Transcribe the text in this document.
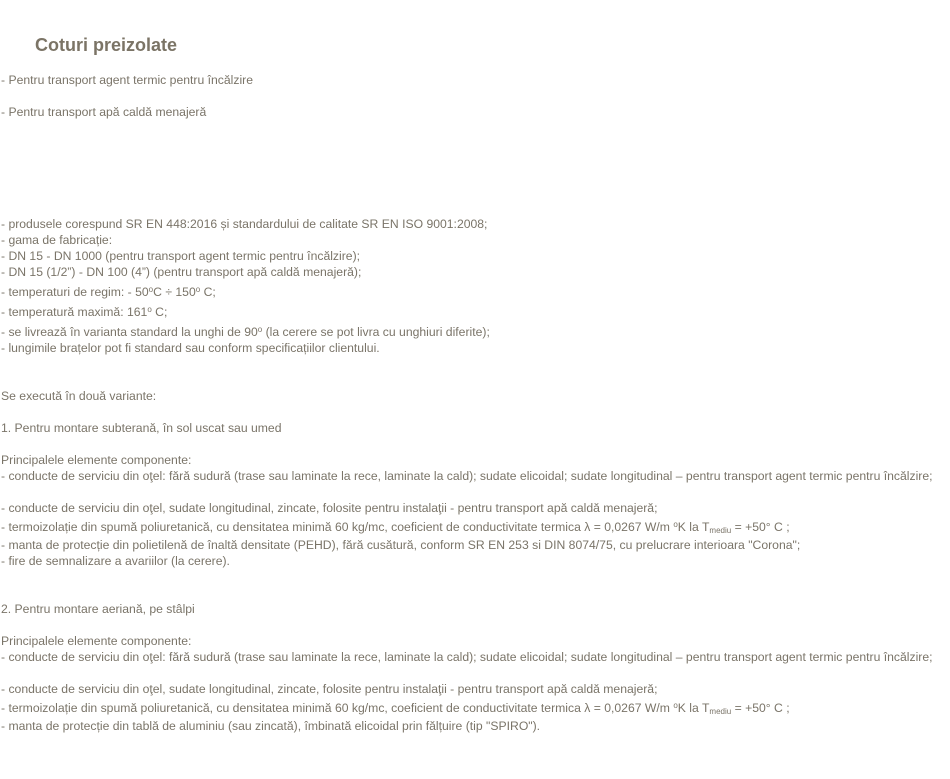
Coturi preizolate
- Pentru transport agent termic pentru încălzire
- Pentru transport apă caldă menajeră
- produsele corespund SR EN 448:2016 și standardului de calitate SR EN ISO 9001:2008;
- gama de fabricație:
- DN 15 - DN 1000 (pentru transport agent termic pentru încălzire);
- DN 15 (1/2”) - DN 100 (4”) (pentru transport apă caldă menajeră);
- temperaturi de regim: - $50^oC \div 150^o$ C;
- temperatură maximă: 161$^o$ C;
- se livrează în varianta standard la unghi de 90$^o$ (la cerere se pot livra cu unghiuri diferite);
- lungimile brațelor pot fi standard sau conform specificațiilor clientului.
Se execută în două variante:
1. Pentru montare subterană, în sol uscat sau umed
Principalele elemente componente:
- conducte de serviciu din oţel: fără sudură (trase sau laminate la rece, laminate la cald); sudate elicoidal; sudate longitudinal – pentru transport agent termic pentru încălzire;
- conducte de serviciu din oţel, sudate longitudinal, zincate, folosite pentru instalaţii - pentru transport apă caldă menajeră;
- termoizolație din spumă poliuretanică, cu densitatea minimă 60 kg/mc, coeficient de conductivitate termica λ = 0,0267 W/m $^o$K la $T_{mediu} = +50^\circ$ C ;
- manta de protecție din polietilenă de înaltă densitate (PEHD), fără cusătură, conform SR EN 253 si DIN 8074/75, cu prelucrare interioara "Corona";
- fire de semnalizare a avariilor (la cerere).
2. Pentru montare aeriană, pe stâlpi
Principalele elemente componente:
- conducte de serviciu din oţel: fără sudură (trase sau laminate la rece, laminate la cald); sudate elicoidal; sudate longitudinal – pentru transport agent termic pentru încălzire;
- conducte de serviciu din oţel, sudate longitudinal, zincate, folosite pentru instalaţii - pentru transport apă caldă menajeră;
- termoizolație din spumă poliuretanică, cu densitatea minimă 60 kg/mc, coeficient de conductivitate termica λ = 0,0267 W/m $^o$K la $T_{mediu} = +50^\circ$ C ;
- manta de protecție din tablă de aluminiu (sau zincată), îmbinată elicoidal prin fălțuire (tip "SPIRO").
